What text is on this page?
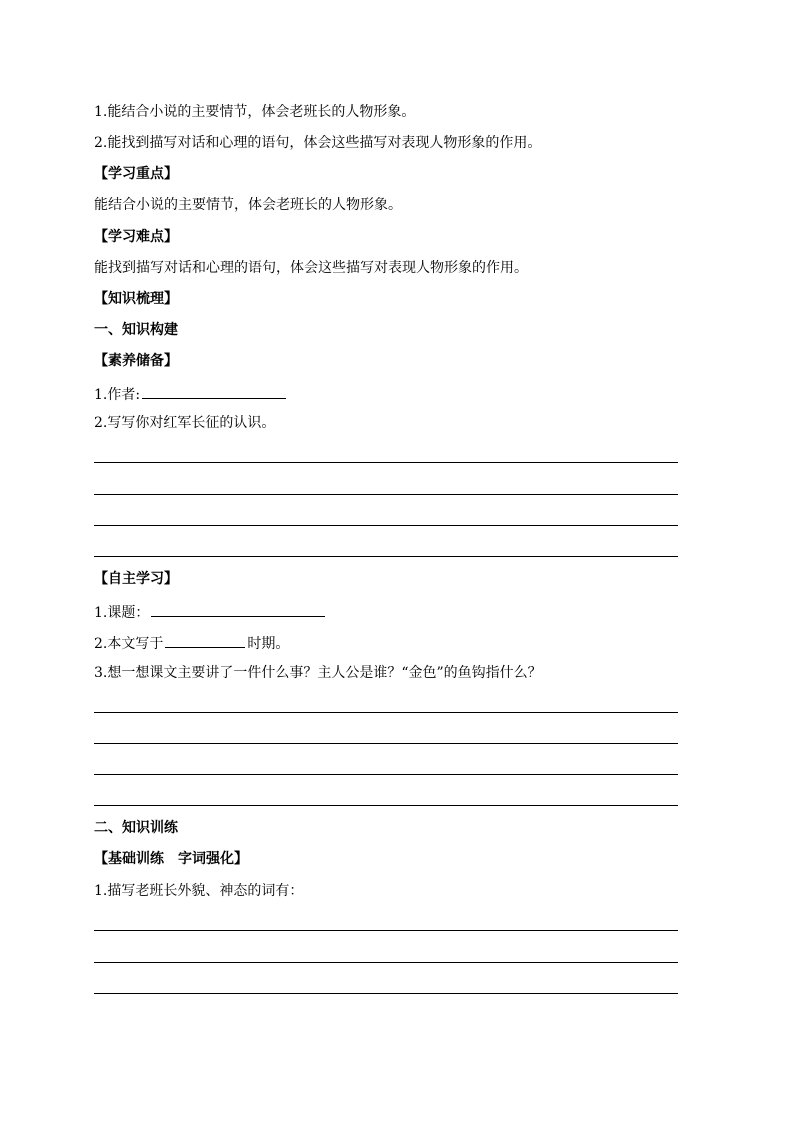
1.能结合小说的主要情节，体会老班长的人物形象。
2.能找到描写对话和心理的语句，体会这些描写对表现人物形象的作用。
【学习重点】
能结合小说的主要情节，体会老班长的人物形象。
【学习难点】
能找到描写对话和心理的语句，体会这些描写对表现人物形象的作用。
【知识梳理】
一、知识构建
【素养储备】
1.作者:
2.写写你对红军长征的认识。
【自主学习】
1.课题：
2.本文写于	时期。
3.想一想课文主要讲了一件什么事？主人公是谁？“金色”的鱼钩指什么？
二、知识训练
【基础训练　字词强化】
1.描写老班长外貌、神态的词有：
